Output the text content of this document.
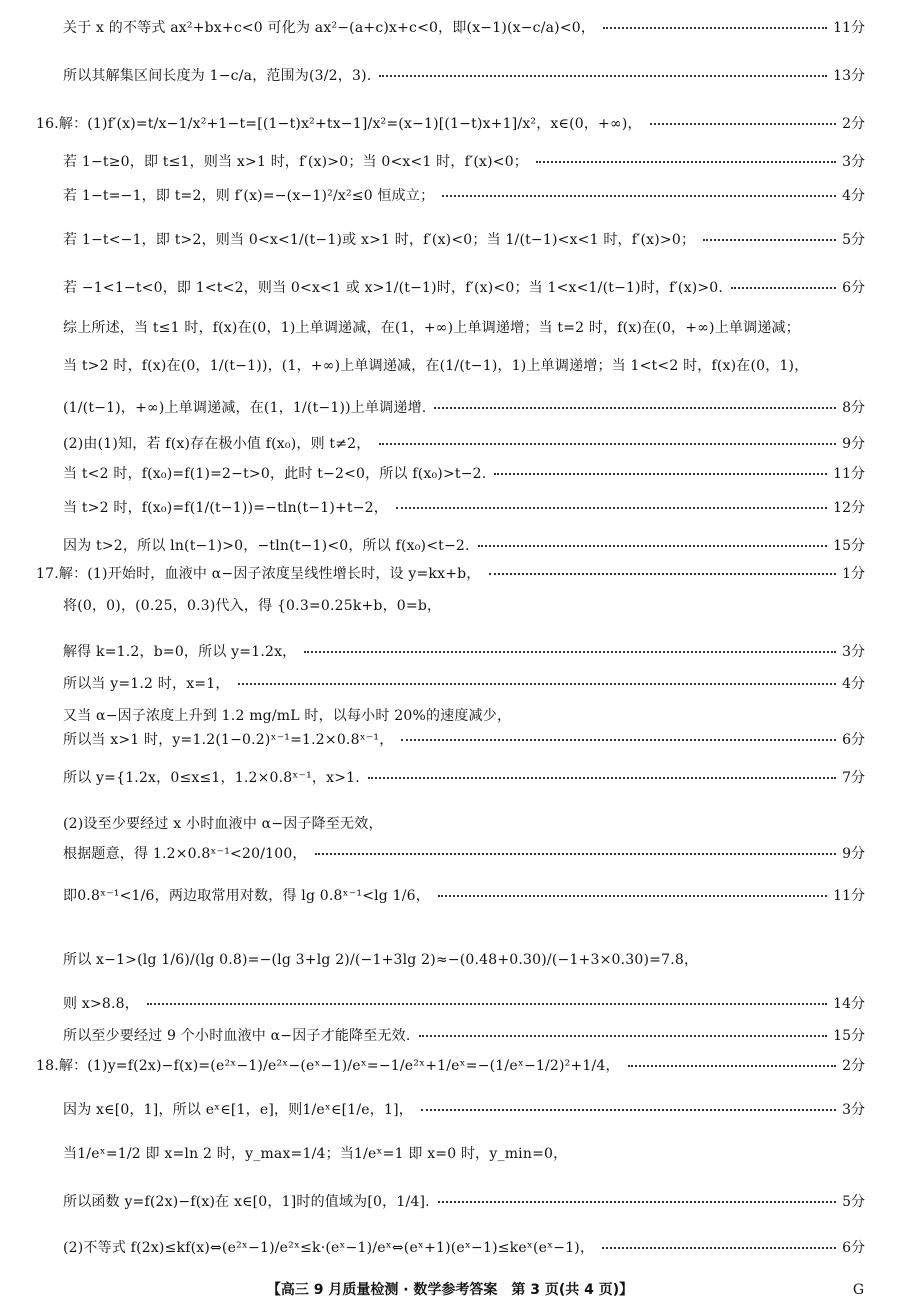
关于 x 的不等式 ax²+bx+c<0 可化为 ax²−(a+c)x+c<0，即(x−1)(x−c/a)<0，	11分
所以其解集区间长度为 1−c/a，范围为(3/2，3).	13分
16.解：(1)f′(x)=t/x−1/x²+1−t=[(1−t)x²+tx−1]/x²=(x−1)[(1−t)x+1]/x²，x∈(0，+∞)，	2分
若 1−t≥0，即 t≤1，则当 x>1 时，f′(x)>0；当 0<x<1 时，f′(x)<0；	3分
若 1−t=−1，即 t=2，则 f′(x)=−(x−1)²/x²≤0 恒成立；	4分
若 1−t<−1，即 t>2，则当 0<x<1/(t−1)或 x>1 时，f′(x)<0；当 1/(t−1)<x<1 时，f′(x)>0；	5分
若 −1<1−t<0，即 1<t<2，则当 0<x<1 或 x>1/(t−1)时，f′(x)<0；当 1<x<1/(t−1)时，f′(x)>0.	6分
综上所述，当 t≤1 时，f(x)在(0，1)上单调递减，在(1，+∞)上单调递增；当 t=2 时，f(x)在(0，+∞)上单调递减；
当 t>2 时，f(x)在(0，1/(t−1))，(1，+∞)上单调递减，在(1/(t−1)，1)上单调递增；当 1<t<2 时，f(x)在(0，1)，
(1/(t−1)，+∞)上单调递减，在(1，1/(t−1))上单调递增.	8分
(2)由(1)知，若 f(x)存在极小值 f(x₀)，则 t≠2，	9分
当 t<2 时，f(x₀)=f(1)=2−t>0，此时 t−2<0，所以 f(x₀)>t−2.	11分
当 t>2 时，f(x₀)=f(1/(t−1))=−tln(t−1)+t−2，	12分
因为 t>2，所以 ln(t−1)>0，−tln(t−1)<0，所以 f(x₀)<t−2.	15分
17.解：(1)开始时，血液中 α−因子浓度呈线性增长时，设 y=kx+b，	1分
将(0，0)，(0.25，0.3)代入，得 {0.3=0.25k+b，0=b，
解得 k=1.2，b=0，所以 y=1.2x，	3分
所以当 y=1.2 时，x=1，	4分
又当 α−因子浓度上升到 1.2 mg/mL 时，以每小时 20%的速度减少，
所以当 x>1 时，y=1.2(1−0.2)ˣ⁻¹=1.2×0.8ˣ⁻¹，	6分
所以 y={1.2x，0≤x≤1，1.2×0.8ˣ⁻¹，x>1.	7分
(2)设至少要经过 x 小时血液中 α−因子降至无效，
根据题意，得 1.2×0.8ˣ⁻¹<20/100，	9分
即0.8ˣ⁻¹<1/6，两边取常用对数，得 lg 0.8ˣ⁻¹<lg 1/6，	11分
所以 x−1>(lg 1/6)/(lg 0.8)=−(lg 3+lg 2)/(−1+3lg 2)≈−(0.48+0.30)/(−1+3×0.30)=7.8，
则 x>8.8，	14分
所以至少要经过 9 个小时血液中 α−因子才能降至无效.	15分
18.解：(1)y=f(2x)−f(x)=(e²ˣ−1)/e²ˣ−(eˣ−1)/eˣ=−1/e²ˣ+1/eˣ=−(1/eˣ−1/2)²+1/4，	2分
因为 x∈[0，1]，所以 eˣ∈[1，e]，则1/eˣ∈[1/e，1]，	3分
当1/eˣ=1/2 即 x=ln 2 时，y_max=1/4；当1/eˣ=1 即 x=0 时，y_min=0，
所以函数 y=f(2x)−f(x)在 x∈[0，1]时的值域为[0，1/4].	5分
(2)不等式 f(2x)≤kf(x)⇔(e²ˣ−1)/e²ˣ≤k·(eˣ−1)/eˣ⇔(eˣ+1)(eˣ−1)≤keˣ(eˣ−1)，	6分
【高三 9 月质量检测 · 数学参考答案　第 3 页(共 4 页)】	G
